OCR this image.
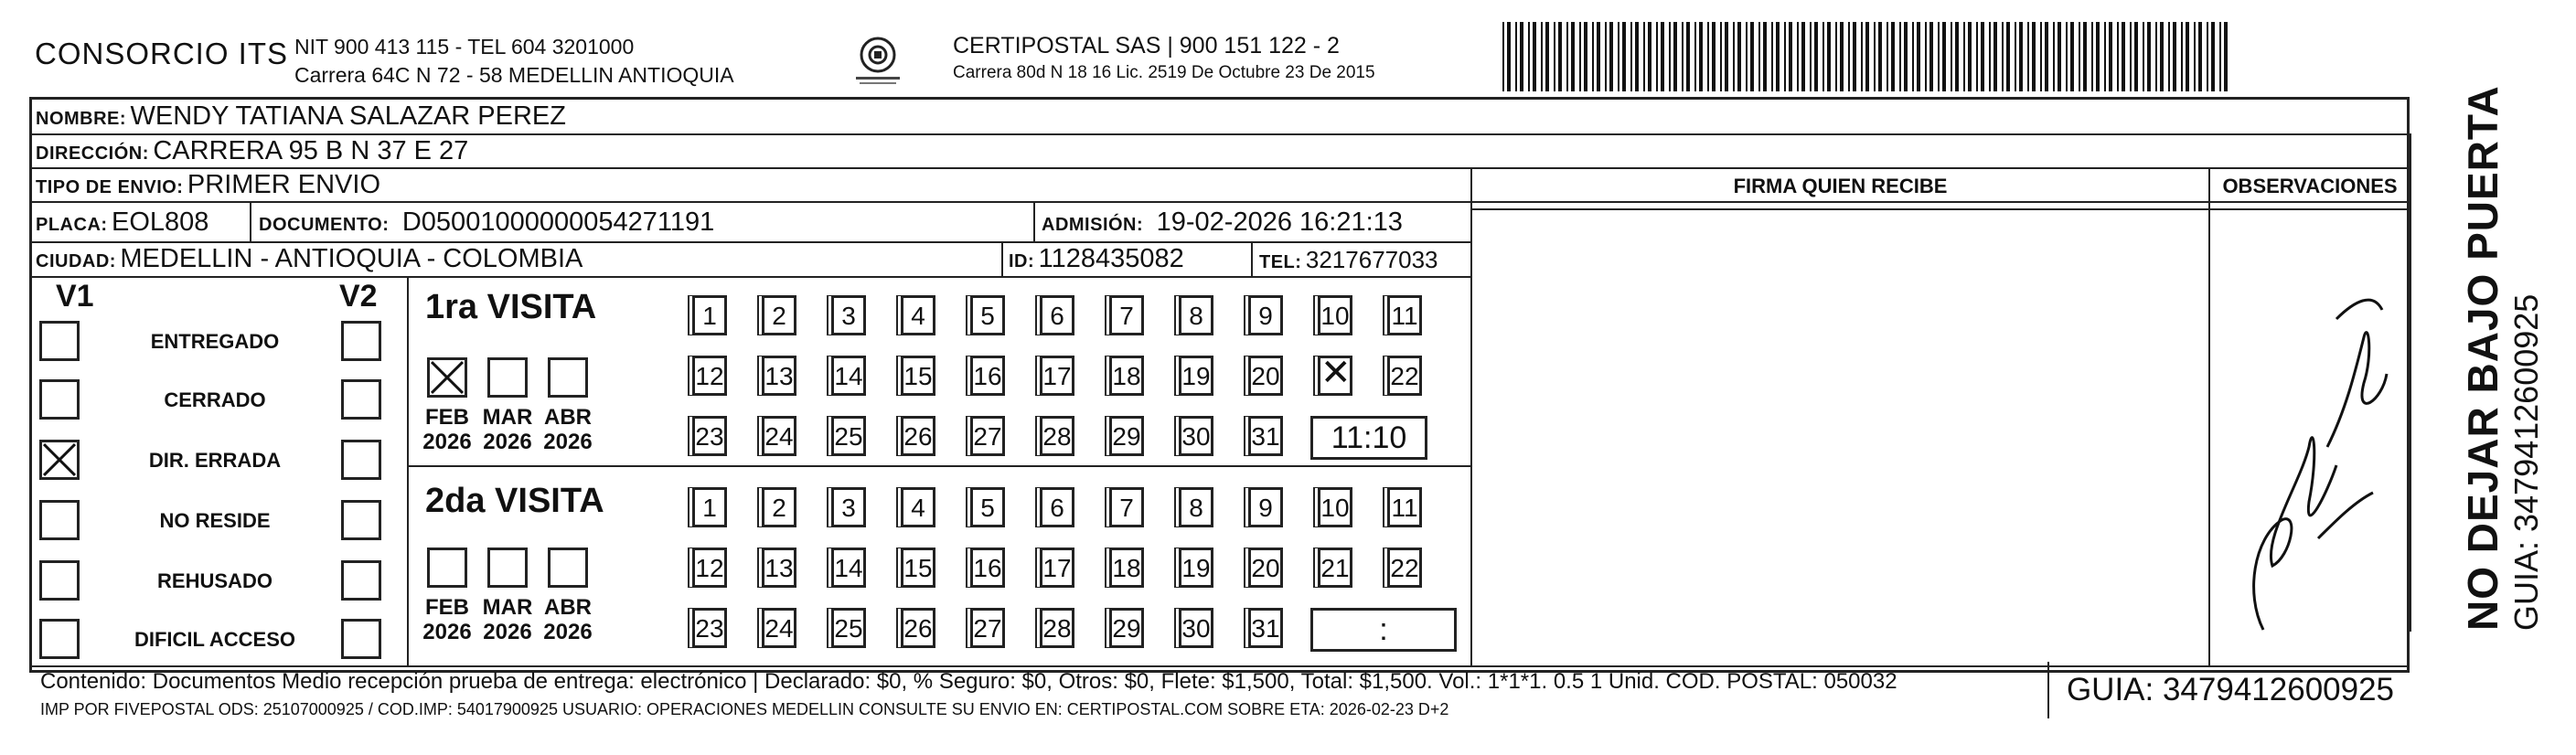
CONSORCIO ITS NIT 900 413 115 - TEL 604 3201000
Carrera 64C N 72 - 58 MEDELLIN ANTIOQUIA
CERTIPOSTAL SAS | 900 151 122 - 2
Carrera 80d N 18 16 Lic. 2519 De Octubre 23 De 2015
NOMBRE: WENDY TATIANA SALAZAR PEREZ
DIRECCIÓN: CARRERA 95 B N 37 E 27
TIPO DE ENVIO: PRIMER ENVIO
PLACA: EOL808	DOCUMENTO: D05001000000054271191	ADMISIÓN: 19-02-2026 16:21:13
CIUDAD: MEDELLIN - ANTIOQUIA - COLOMBIA	ID: 1128435082	TEL: 3217677033
FIRMA QUIEN RECIBE	OBSERVACIONES
V1	V2
ENTREGADO
CERRADO
DIR. ERRADA
NO RESIDE
REHUSADO
DIFICIL ACCESO
1ra VISITA
2da VISITA
FEB
2026
MAR
2026
ABR
2026
FEB
2026
MAR
2026
ABR
2026
1	2	3	4	5	6	7	8	9	10 11
12 13 14 15 16 17 18 19 20
✕	22
23 24 25 26 27 28 29 30 31
1	2	3	4	5	6	7	8	9	10 11
12 13 14 15 16 17 18 19 20 21 22
23 24 25 26 27 28 29 30 31
11:10
:
Contenido: Documentos Medio recepción prueba de entrega: electrónico | Declarado: $0, % Seguro: $0, Otros: $0, Flete: $1,500, Total: $1,500. Vol.: 1*1*1. 0.5 1 Unid. COD. POSTAL: 050032
IMP POR FIVEPOSTAL ODS: 25107000925 / COD.IMP: 54017900925 USUARIO: OPERACIONES MEDELLIN CONSULTE SU ENVIO EN: CERTIPOSTAL.COM SOBRE ETA: 2026-02-23 D+2
GUIA: 3479412600925
NO DEJAR BAJO PUERTA GUIA: 3479412600925
